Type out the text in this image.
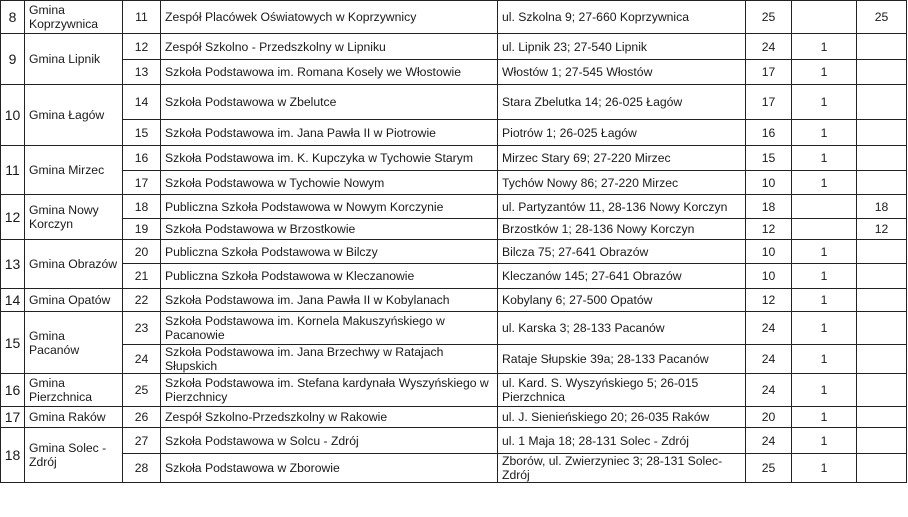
8	Gmina Koprzywnica	11	Zespół Placówek Oświatowych w Koprzywnicy	ul. Szkolna 9; 27-660 Koprzywnica	25		25
9	Gmina Lipnik	12	Zespół Szkolno - Przedszkolny w Lipniku	ul. Lipnik 23; 27-540 Lipnik	24	1	
		13	Szkoła Podstawowa im. Romana Kosely we Włostowie	Włostów 1; 27-545 Włostów	17	1	
10	Gmina Łagów	14	Szkoła Podstawowa w Zbelutce	Stara Zbelutka 14; 26-025 Łagów	17	1	
		15	Szkoła Podstawowa im. Jana Pawła II w Piotrowie	Piotrów 1; 26-025 Łagów	16	1	
11	Gmina Mirzec	16	Szkoła Podstawowa im. K. Kupczyka w Tychowie Starym	Mirzec Stary 69; 27-220 Mirzec	15	1	
		17	Szkoła Podstawowa w Tychowie Nowym	Tychów Nowy 86; 27-220 Mirzec	10	1	
12	Gmina Nowy Korczyn	18	Publiczna Szkoła Podstawowa w Nowym Korczynie	ul. Partyzantów 11, 28-136 Nowy Korczyn	18		18
		19	Szkoła Podstawowa w Brzostkowie	Brzostków 1; 28-136 Nowy Korczyn	12		12
13	Gmina Obrazów	20	Publiczna Szkoła Podstawowa w Bilczy	Bilcza 75; 27-641 Obrazów	10	1	
		21	Publiczna Szkoła Podstawowa w Kleczanowie	Kleczanów 145; 27-641 Obrazów	10	1	
14	Gmina Opatów	22	Szkoła Podstawowa im. Jana Pawła II w Kobylanach	Kobylany 6; 27-500 Opatów	12	1	
15	Gmina Pacanów	23	Szkoła Podstawowa im. Kornela Makuszyńskiego w Pacanowie	ul. Karska 3; 28-133 Pacanów	24	1	
		24	Szkoła Podstawowa im. Jana Brzechwy w Ratajach Słupskich	Rataje Słupskie 39a; 28-133 Pacanów	24	1	
16	Gmina Pierzchnica	25	Szkoła Podstawowa im. Stefana kardynała Wyszyńskiego w Pierzchnicy	ul. Kard. S. Wyszyńskiego 5; 26-015 Pierzchnica	24	1	
17	Gmina Raków	26	Zespół Szkolno-Przedszkolny w Rakowie	ul. J. Sienieńskiego 20; 26-035 Raków	20	1	
18	Gmina Solec - Zdrój	27	Szkoła Podstawowa w Solcu - Zdrój	ul. 1 Maja 18; 28-131 Solec - Zdrój	24	1	
		28	Szkoła Podstawowa w Zborowie	Zborów, ul. Zwierzyniec 3; 28-131 Solec-Zdrój	25	1	
